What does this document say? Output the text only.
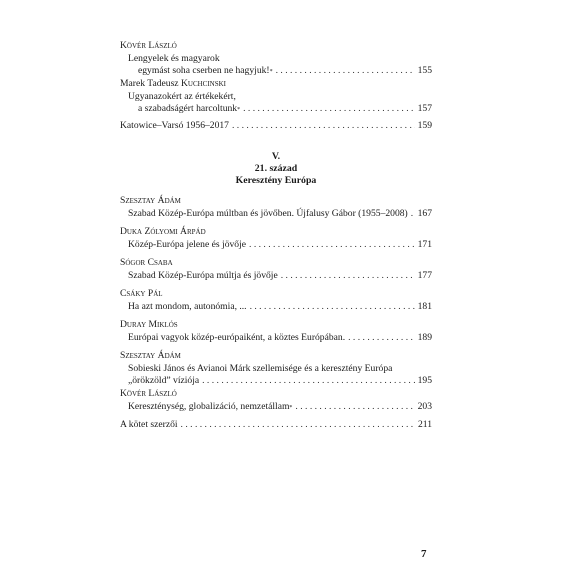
Kövér László
Lengyelek és magyarok
egymást soha cserben ne hagyjuk! * . . .	155
Marek Tadeusz Kuchcinski
Ugyanazokért az értékekért,
a szabadságért harcoltunk * . . .	157
Katowice–Varsó 1956–2017 . . .	159
V.
21. század
Keresztény Európa
Szesztay Ádám
Szabad Közép-Európa múltban és jövőben. Újfalusy Gábor (1955–2008) . . . 167
Duka Zólyomi Árpád
Közép-Európa jelene és jövője . . .	171
Sógor Csaba
Szabad Közép-Európa múltja és jövője . . .	177
Csáky Pál
Ha azt mondom, autonómia, ... . . .	181
Duray Miklós
Európai vagyok közép-európaiként, a köztes Európában. . . .	189
Szesztay Ádám
Sobieski János és Avianoi Márk szellemisége és a keresztény Európa
„örökzöld” víziója . . .	195
Kövér László
Kereszténység, globalizáció, nemzetállam * . . .	203
A kötet szerzői . . .	211
7
